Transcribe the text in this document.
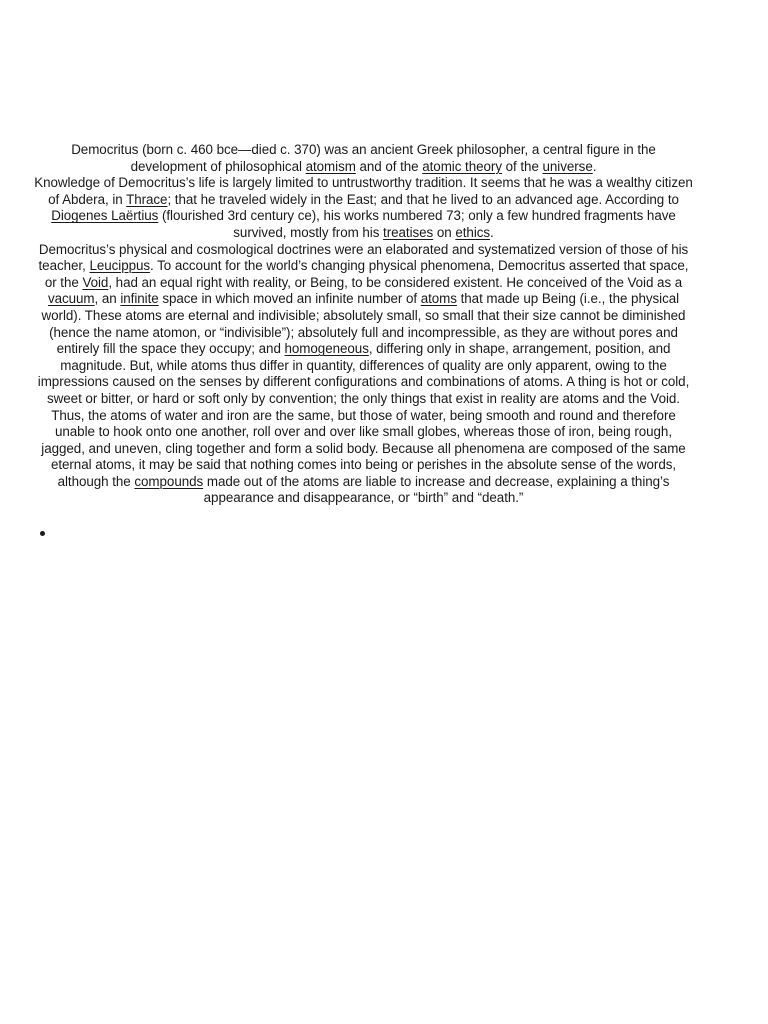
Democritus (born c. 460 bce—died c. 370) was an ancient Greek philosopher, a central figure in the development of philosophical atomism and of the atomic theory of the universe.

Knowledge of Democritus’s life is largely limited to untrustworthy tradition. It seems that he was a wealthy citizen of Abdera, in Thrace; that he traveled widely in the East; and that he lived to an advanced age. According to Diogenes Laërtius (flourished 3rd century ce), his works numbered 73; only a few hundred fragments have survived, mostly from his treatises on ethics.

Democritus’s physical and cosmological doctrines were an elaborated and systematized version of those of his teacher, Leucippus. To account for the world’s changing physical phenomena, Democritus asserted that space, or the Void, had an equal right with reality, or Being, to be considered existent. He conceived of the Void as a vacuum, an infinite space in which moved an infinite number of atoms that made up Being (i.e., the physical world). These atoms are eternal and indivisible; absolutely small, so small that their size cannot be diminished (hence the name atomon, or “indivisible”); absolutely full and incompressible, as they are without pores and entirely fill the space they occupy; and homogeneous, differing only in shape, arrangement, position, and magnitude. But, while atoms thus differ in quantity, differences of quality are only apparent, owing to the impressions caused on the senses by different configurations and combinations of atoms. A thing is hot or cold, sweet or bitter, or hard or soft only by convention; the only things that exist in reality are atoms and the Void. Thus, the atoms of water and iron are the same, but those of water, being smooth and round and therefore unable to hook onto one another, roll over and over like small globes, whereas those of iron, being rough, jagged, and uneven, cling together and form a solid body. Because all phenomena are composed of the same eternal atoms, it may be said that nothing comes into being or perishes in the absolute sense of the words, although the compounds made out of the atoms are liable to increase and decrease, explaining a thing’s appearance and disappearance, or “birth” and “death.”
